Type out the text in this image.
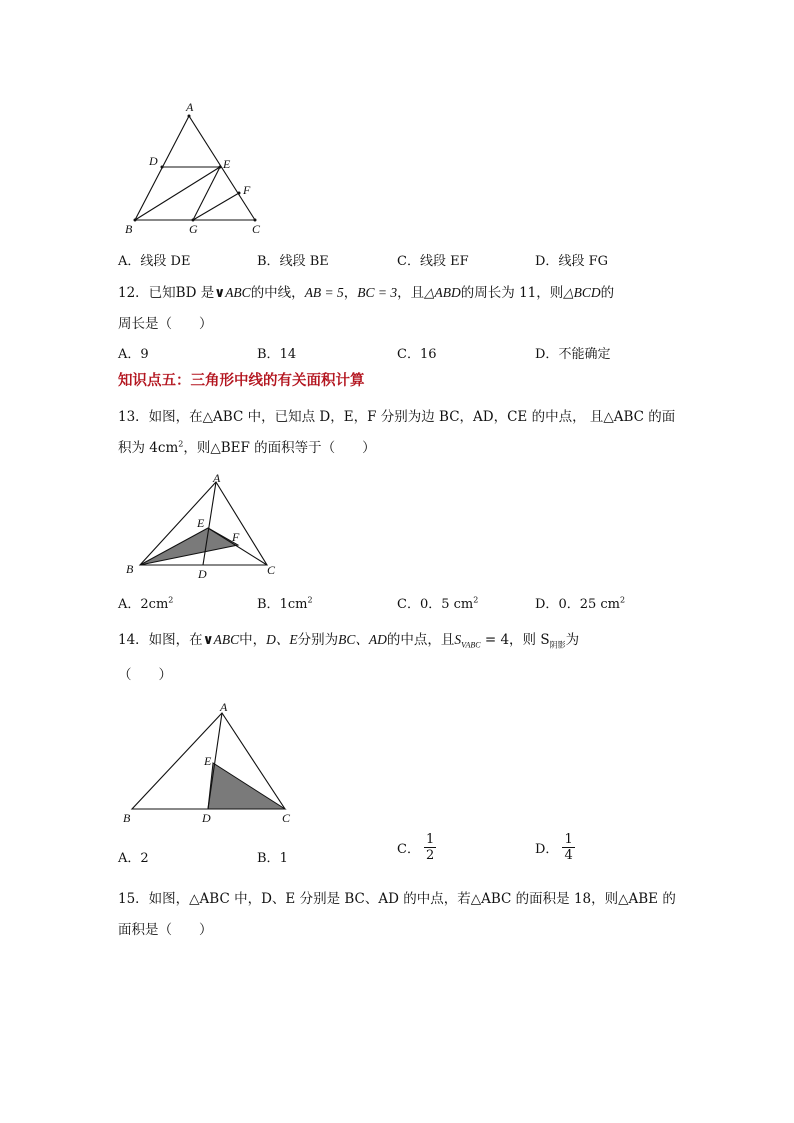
A
D	E
F
B	G	C
A．线段 DE	B．线段 BE	C．线段 EF	D．线段 FG
12．已知BD 是∨ABC的中线，AB = 5，BC = 3，且△ABD的周长为 11，则△BCD的
周长是（　　）
A．9	B．14	C．16	D．不能确定
知识点五：三角形中线的有关面积计算
13．如图，在△ABC 中，已知点 D，E，F 分别为边 BC，AD，CE 的中点， 且△ABC 的面
积为 $4cm^2$，则△BEF 的面积等于（　　）
A
E
F
B	D	C
A．$2cm^2$	B．$1cm^2$	C．0．5 $cm^2$	D．0．25 $cm^2$
14．如图，在∨ABC中，D、E分别为BC、AD的中点，且$S_{VABC} = 4$，则 $S_{阴影}$为
（　　）
A
E
B	D	C
A．2	B．1
C． $\frac{1}{2}$	D． $\frac{1}{4}$
15．如图，△ABC 中，D、E 分别是 BC、AD 的中点，若△ABC 的面积是 18，则△ABE 的
面积是（　　）
